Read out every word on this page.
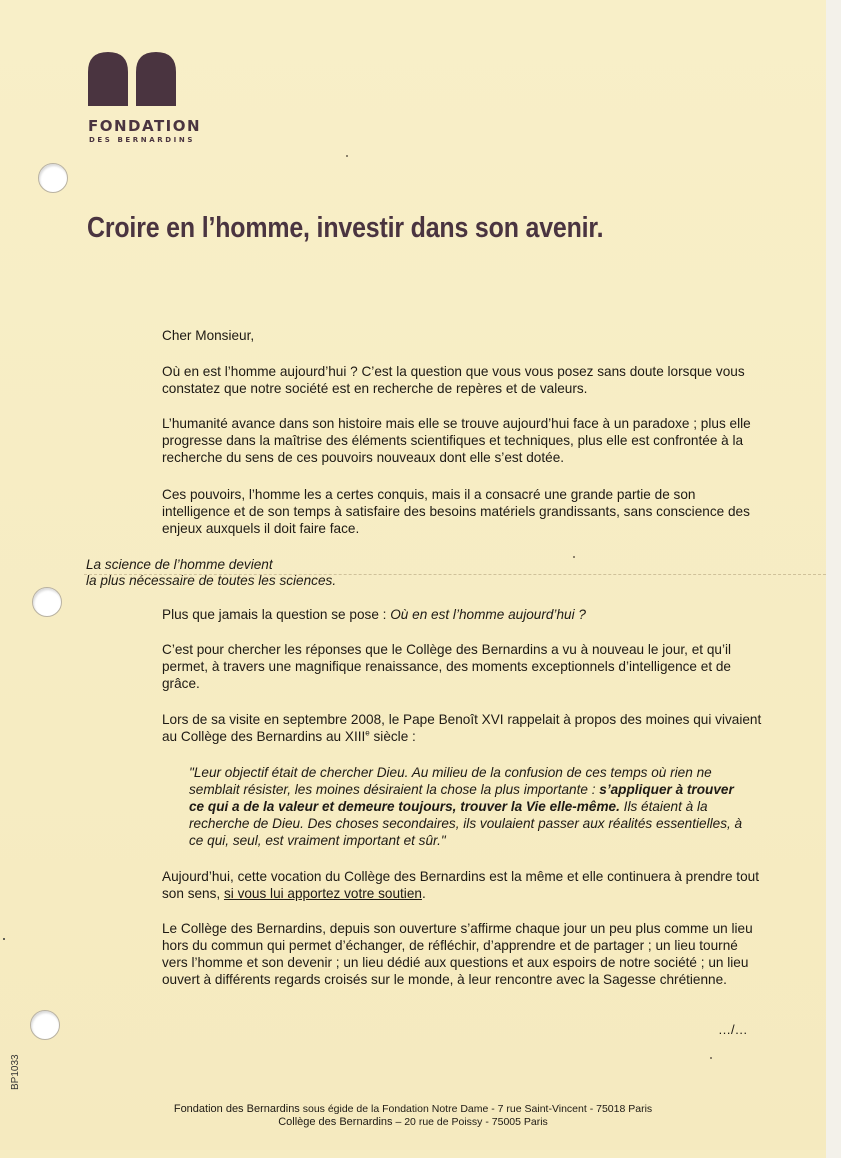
FONDATION
DES BERNARDINS
Croire en l’homme, investir dans son avenir.

Cher Monsieur,

Où en est l’homme aujourd’hui ? C’est la question que vous vous posez sans doute lorsque vous constatez que notre société est en recherche de repères et de valeurs.

L’humanité avance dans son histoire mais elle se trouve aujourd’hui face à un paradoxe ; plus elle progresse dans la maîtrise des éléments scientifiques et techniques, plus elle est confrontée à la recherche du sens de ces pouvoirs nouveaux dont elle s’est dotée.

Ces pouvoirs, l’homme les a certes conquis, mais il a consacré une grande partie de son intelligence et de son temps à satisfaire des besoins matériels grandissants, sans conscience des enjeux auxquels il doit faire face.

La science de l’homme devient

la plus nécessaire de toutes les sciences.

Plus que jamais la question se pose : Où en est l’homme aujourd’hui ?

C’est pour chercher les réponses que le Collège des Bernardins a vu à nouveau le jour, et qu’il permet, à travers une magnifique renaissance, des moments exceptionnels d’intelligence et de grâce.

Lors de sa visite en septembre 2008, le Pape Benoît XVI rappelait à propos des moines qui vivaient au Collège des Bernardins au XIIIe siècle :

"Leur objectif était de chercher Dieu. Au milieu de la confusion de ces temps où rien ne semblait résister, les moines désiraient la chose la plus importante : s’appliquer à trouver ce qui a de la valeur et demeure toujours, trouver la Vie elle-même. Ils étaient à la recherche de Dieu. Des choses secondaires, ils voulaient passer aux réalités essentielles, à ce qui, seul, est vraiment important et sûr."

Aujourd’hui, cette vocation du Collège des Bernardins est la même et elle continuera à prendre tout son sens, si vous lui apportez votre soutien.

Le Collège des Bernardins, depuis son ouverture s’affirme chaque jour un peu plus comme un lieu hors du commun qui permet d’échanger, de réfléchir, d’apprendre et de partager ; un lieu tourné vers l’homme et son devenir ; un lieu dédié aux questions et aux espoirs de notre société ; un lieu ouvert à différents regards croisés sur le monde, à leur rencontre avec la Sagesse chrétienne.

…/…
BP1033

Fondation des Bernardins sous égide de la Fondation Notre Dame - 7 rue Saint-Vincent - 75018 Paris

Collège des Bernardins – 20 rue de Poissy - 75005 Paris
